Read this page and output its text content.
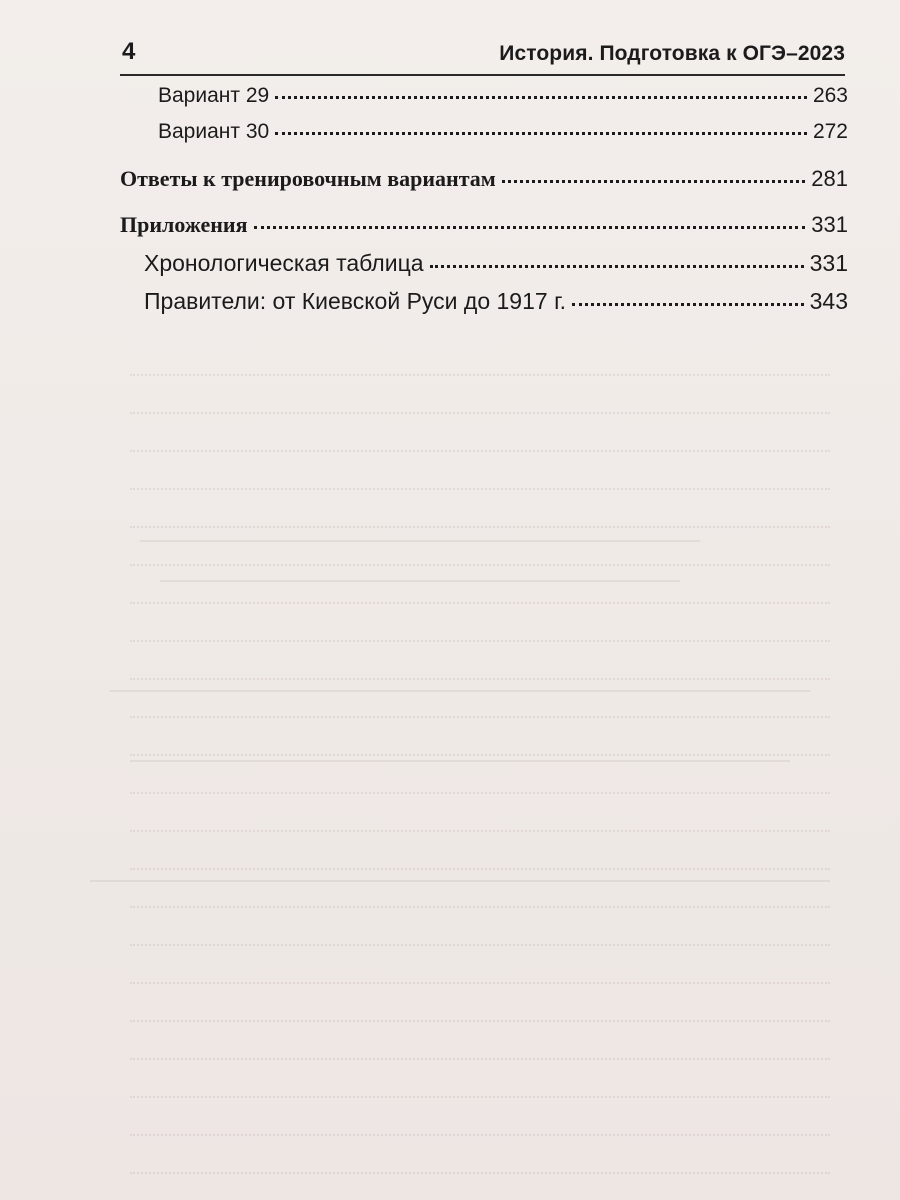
4	История. Подготовка к ОГЭ–2023
Вариант 29	263
Вариант 30	272
Ответы к тренировочным вариантам	281
Приложения	331
Хронологическая таблица	331
Правители: от Киевской Руси до 1917 г.	343
